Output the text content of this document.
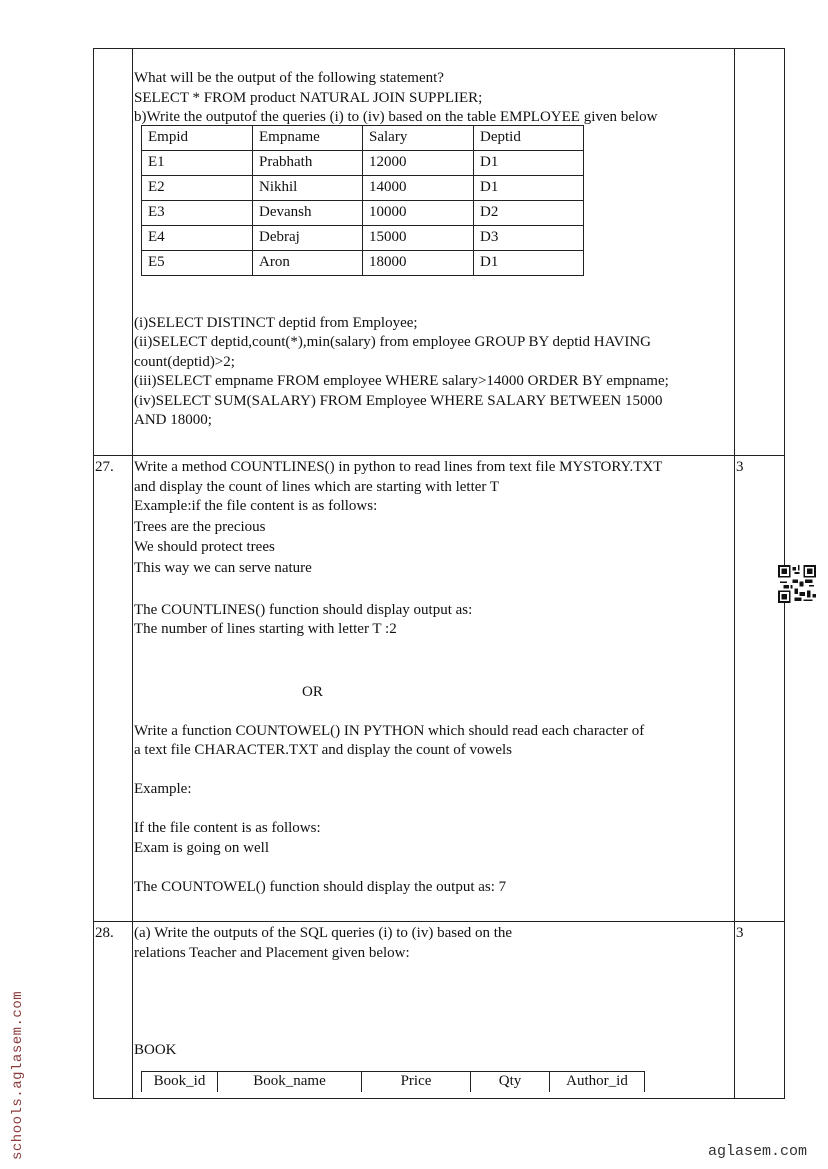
What will be the output of the following statement?
SELECT * FROM product NATURAL JOIN SUPPLIER;
b)Write the outputof the queries (i) to (iv) based on the table EMPLOYEE given below
Empid	Empname	Salary	Deptid
E1	Prabhath	12000	D1
E2	Nikhil	14000	D1
E3	Devansh	10000	D2
E4	Debraj	15000	D3
E5	Aron	18000	D1
(i)SELECT DISTINCT deptid from Employee;
(ii)SELECT deptid,count(*),min(salary) from employee GROUP BY deptid HAVING
count(deptid)>2;
(iii)SELECT empname FROM employee WHERE salary>14000 ORDER BY empname;
(iv)SELECT SUM(SALARY) FROM Employee WHERE SALARY BETWEEN 15000
AND 18000;

27.	Write a method COUNTLINES() in python to read lines from text file MYSTORY.TXT
and display the count of lines which are starting with letter T
Example:if the file content is as follows:
Trees are the precious
We should protect trees
This way we can serve nature
The COUNTLINES() function should display output as:
The number of lines starting with letter T :2
OR
Write a function COUNTOWEL() IN PYTHON which should read each character of
a text file CHARACTER.TXT and display the count of vowels
Example:
If the file content is as follows:
Exam is going on well
The COUNTOWEL() function should display the output as: 7

3

28.	(a) Write the outputs of the SQL queries (i) to (iv) based on the
relations Teacher and Placement given below:
BOOK
Book_id	Book_name	Price	Qty	Author_id

3
schools.aglasem.com	aglasem.com
